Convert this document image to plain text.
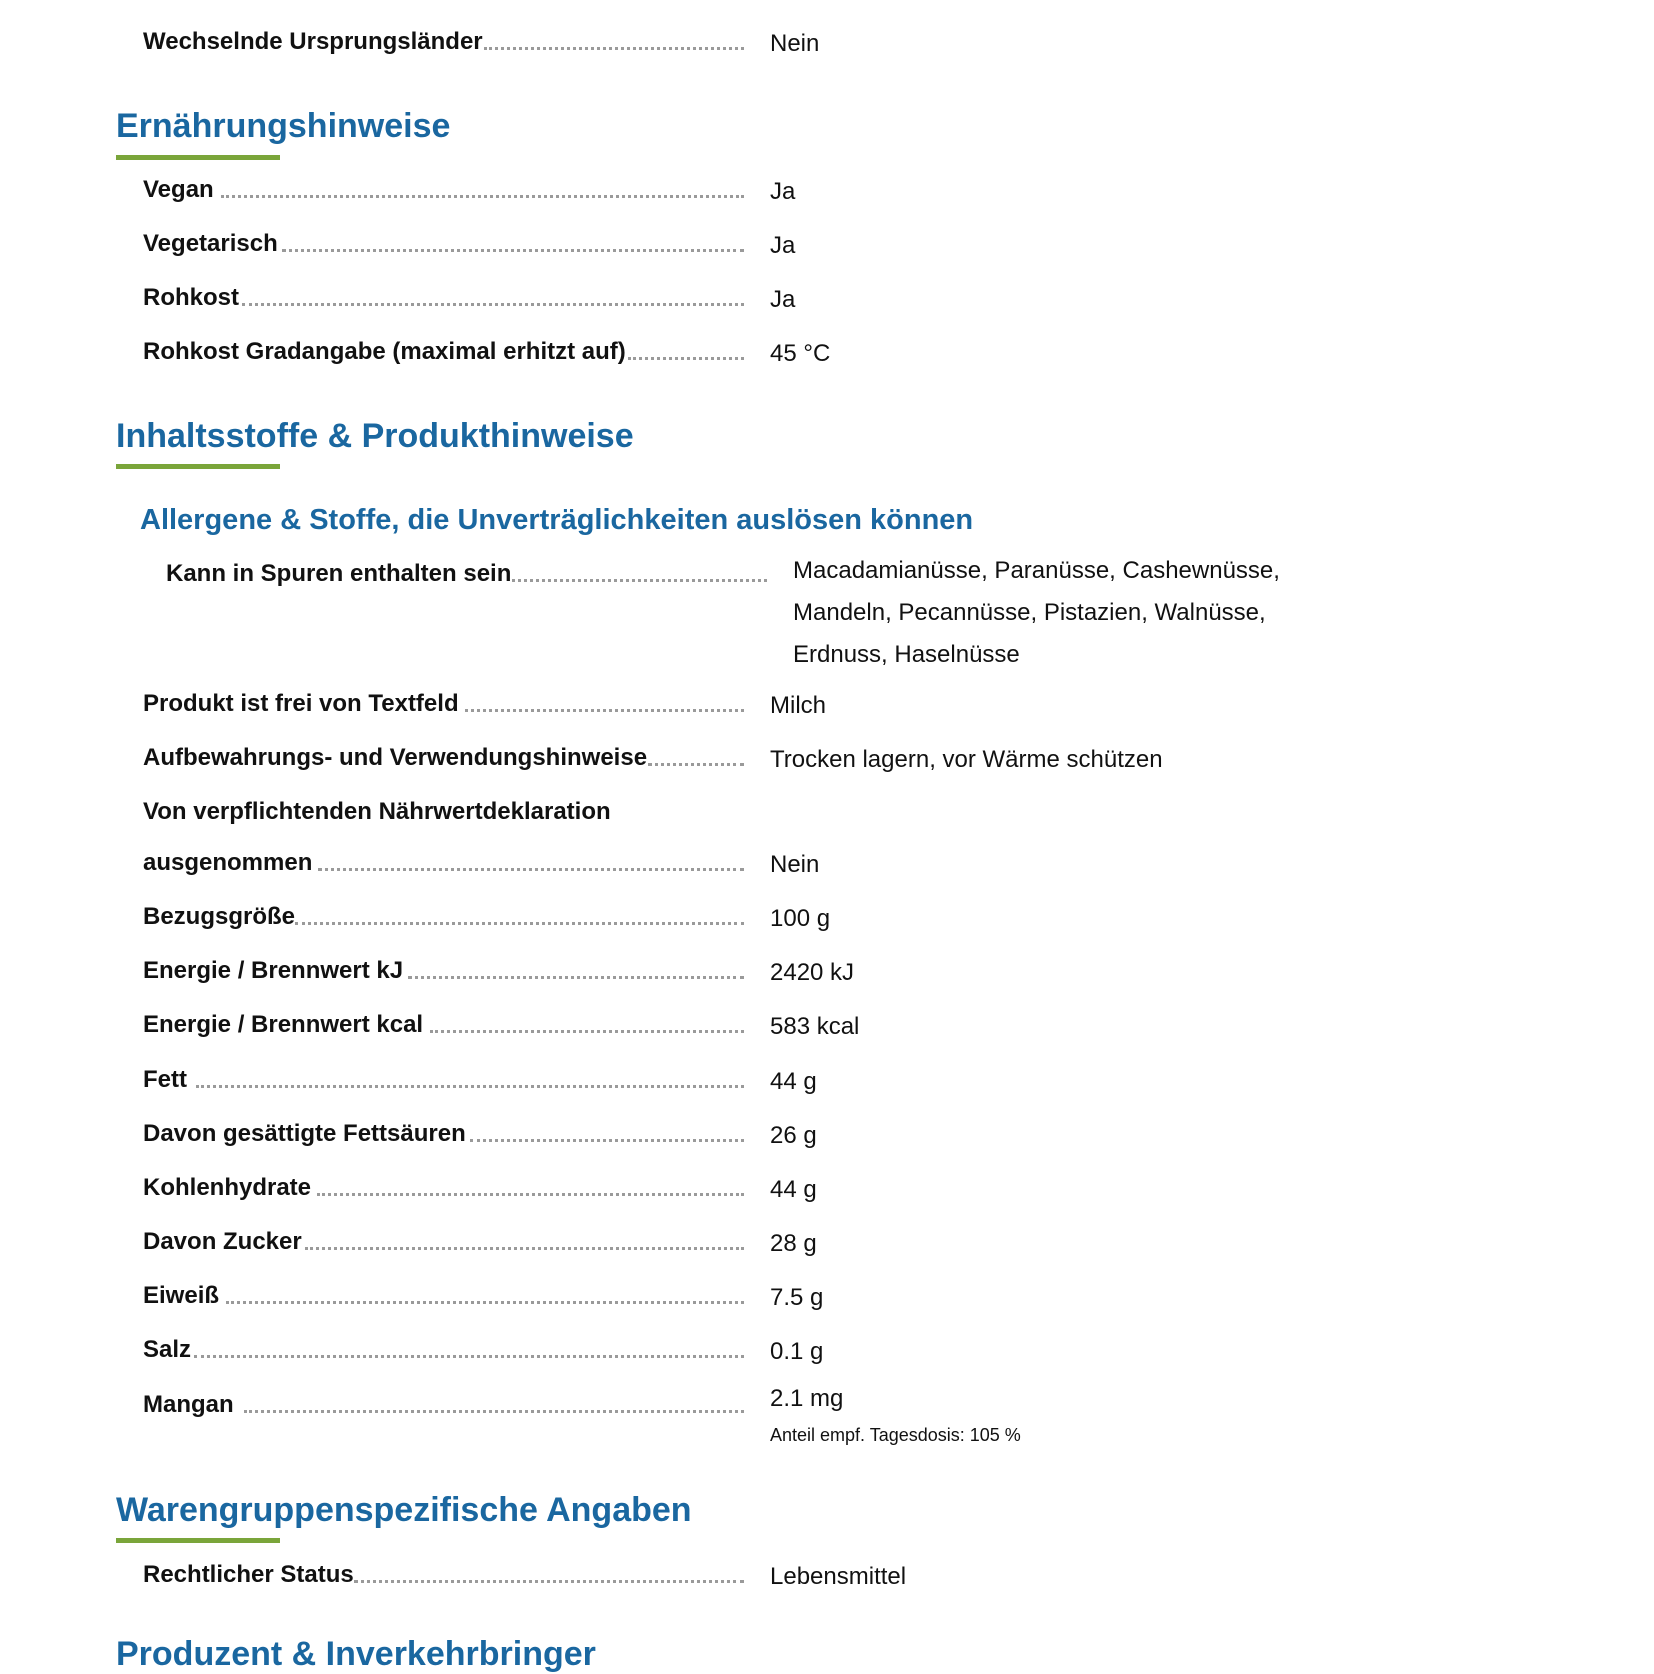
Wechselnde Ursprungsländer	Nein
Ernährungshinweise
Vegan	Ja
Vegetarisch	Ja
Rohkost	Ja
Rohkost Gradangabe (maximal erhitzt auf)	45 °C
Inhaltsstoffe & Produkthinweise
Allergene & Stoffe, die Unverträglichkeiten auslösen können
Kann in Spuren enthalten sein	Macadamianüsse, Paranüsse, Cashewnüsse,
Mandeln, Pecannüsse, Pistazien, Walnüsse,
Erdnuss, Haselnüsse
Produkt ist frei von Textfeld	Milch
Aufbewahrungs- und Verwendungshinweise	Trocken lagern, vor Wärme schützen
Von verpflichtenden Nährwertdeklaration
ausgenommen	Nein
Bezugsgröße	100 g
Energie / Brennwert kJ	2420 kJ
Energie / Brennwert kcal	583 kcal
Fett	44 g
Davon gesättigte Fettsäuren	26 g
Kohlenhydrate	44 g
Davon Zucker	28 g
Eiweiß	7.5 g
Salz	0.1 g
Mangan	2.1 mg
Anteil empf. Tagesdosis: 105 %
Warengruppenspezifische Angaben
Rechtlicher Status	Lebensmittel
Produzent & Inverkehrbringer
